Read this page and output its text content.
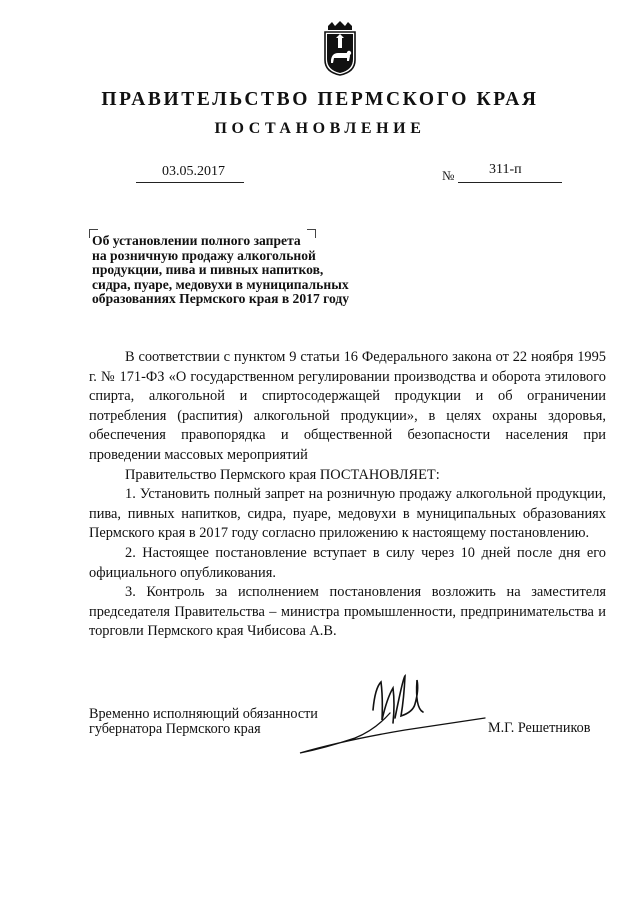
ПРАВИТЕЛЬСТВО ПЕРМСКОГО КРАЯ
ПОСТАНОВЛЕНИЕ
03.05.2017	№ 311-п
Об установлении полного запрета
на розничную продажу алкогольной
продукции, пива и пивных напитков,
сидра, пуаре, медовухи в муниципальных
образованиях Пермского края в 2017 году

В соответствии с пунктом 9 статьи 16 Федерального закона от 22 ноября 1995 г. № 171-ФЗ «О государственном регулировании производства и оборота этилового спирта, алкогольной и спиртосодержащей продукции и об ограничении потребления (распития) алкогольной продукции», в целях охраны здоровья, обеспечения правопорядка и общественной безопасности населения при проведении массовых мероприятий

Правительство Пермского края ПОСТАНОВЛЯЕТ:

1. Установить полный запрет на розничную продажу алкогольной продукции, пива, пивных напитков, сидра, пуаре, медовухи в муниципальных образованиях Пермского края в 2017 году согласно приложению к настоящему постановлению.

2. Настоящее постановление вступает в силу через 10 дней после дня его официального опубликования.

3. Контроль за исполнением постановления возложить на заместителя председателя Правительства – министра промышленности, предпринимательства и торговли Пермского края Чибисова А.В.

Временно исполняющий обязанности
губернатора Пермского края	М.Г. Решетников
